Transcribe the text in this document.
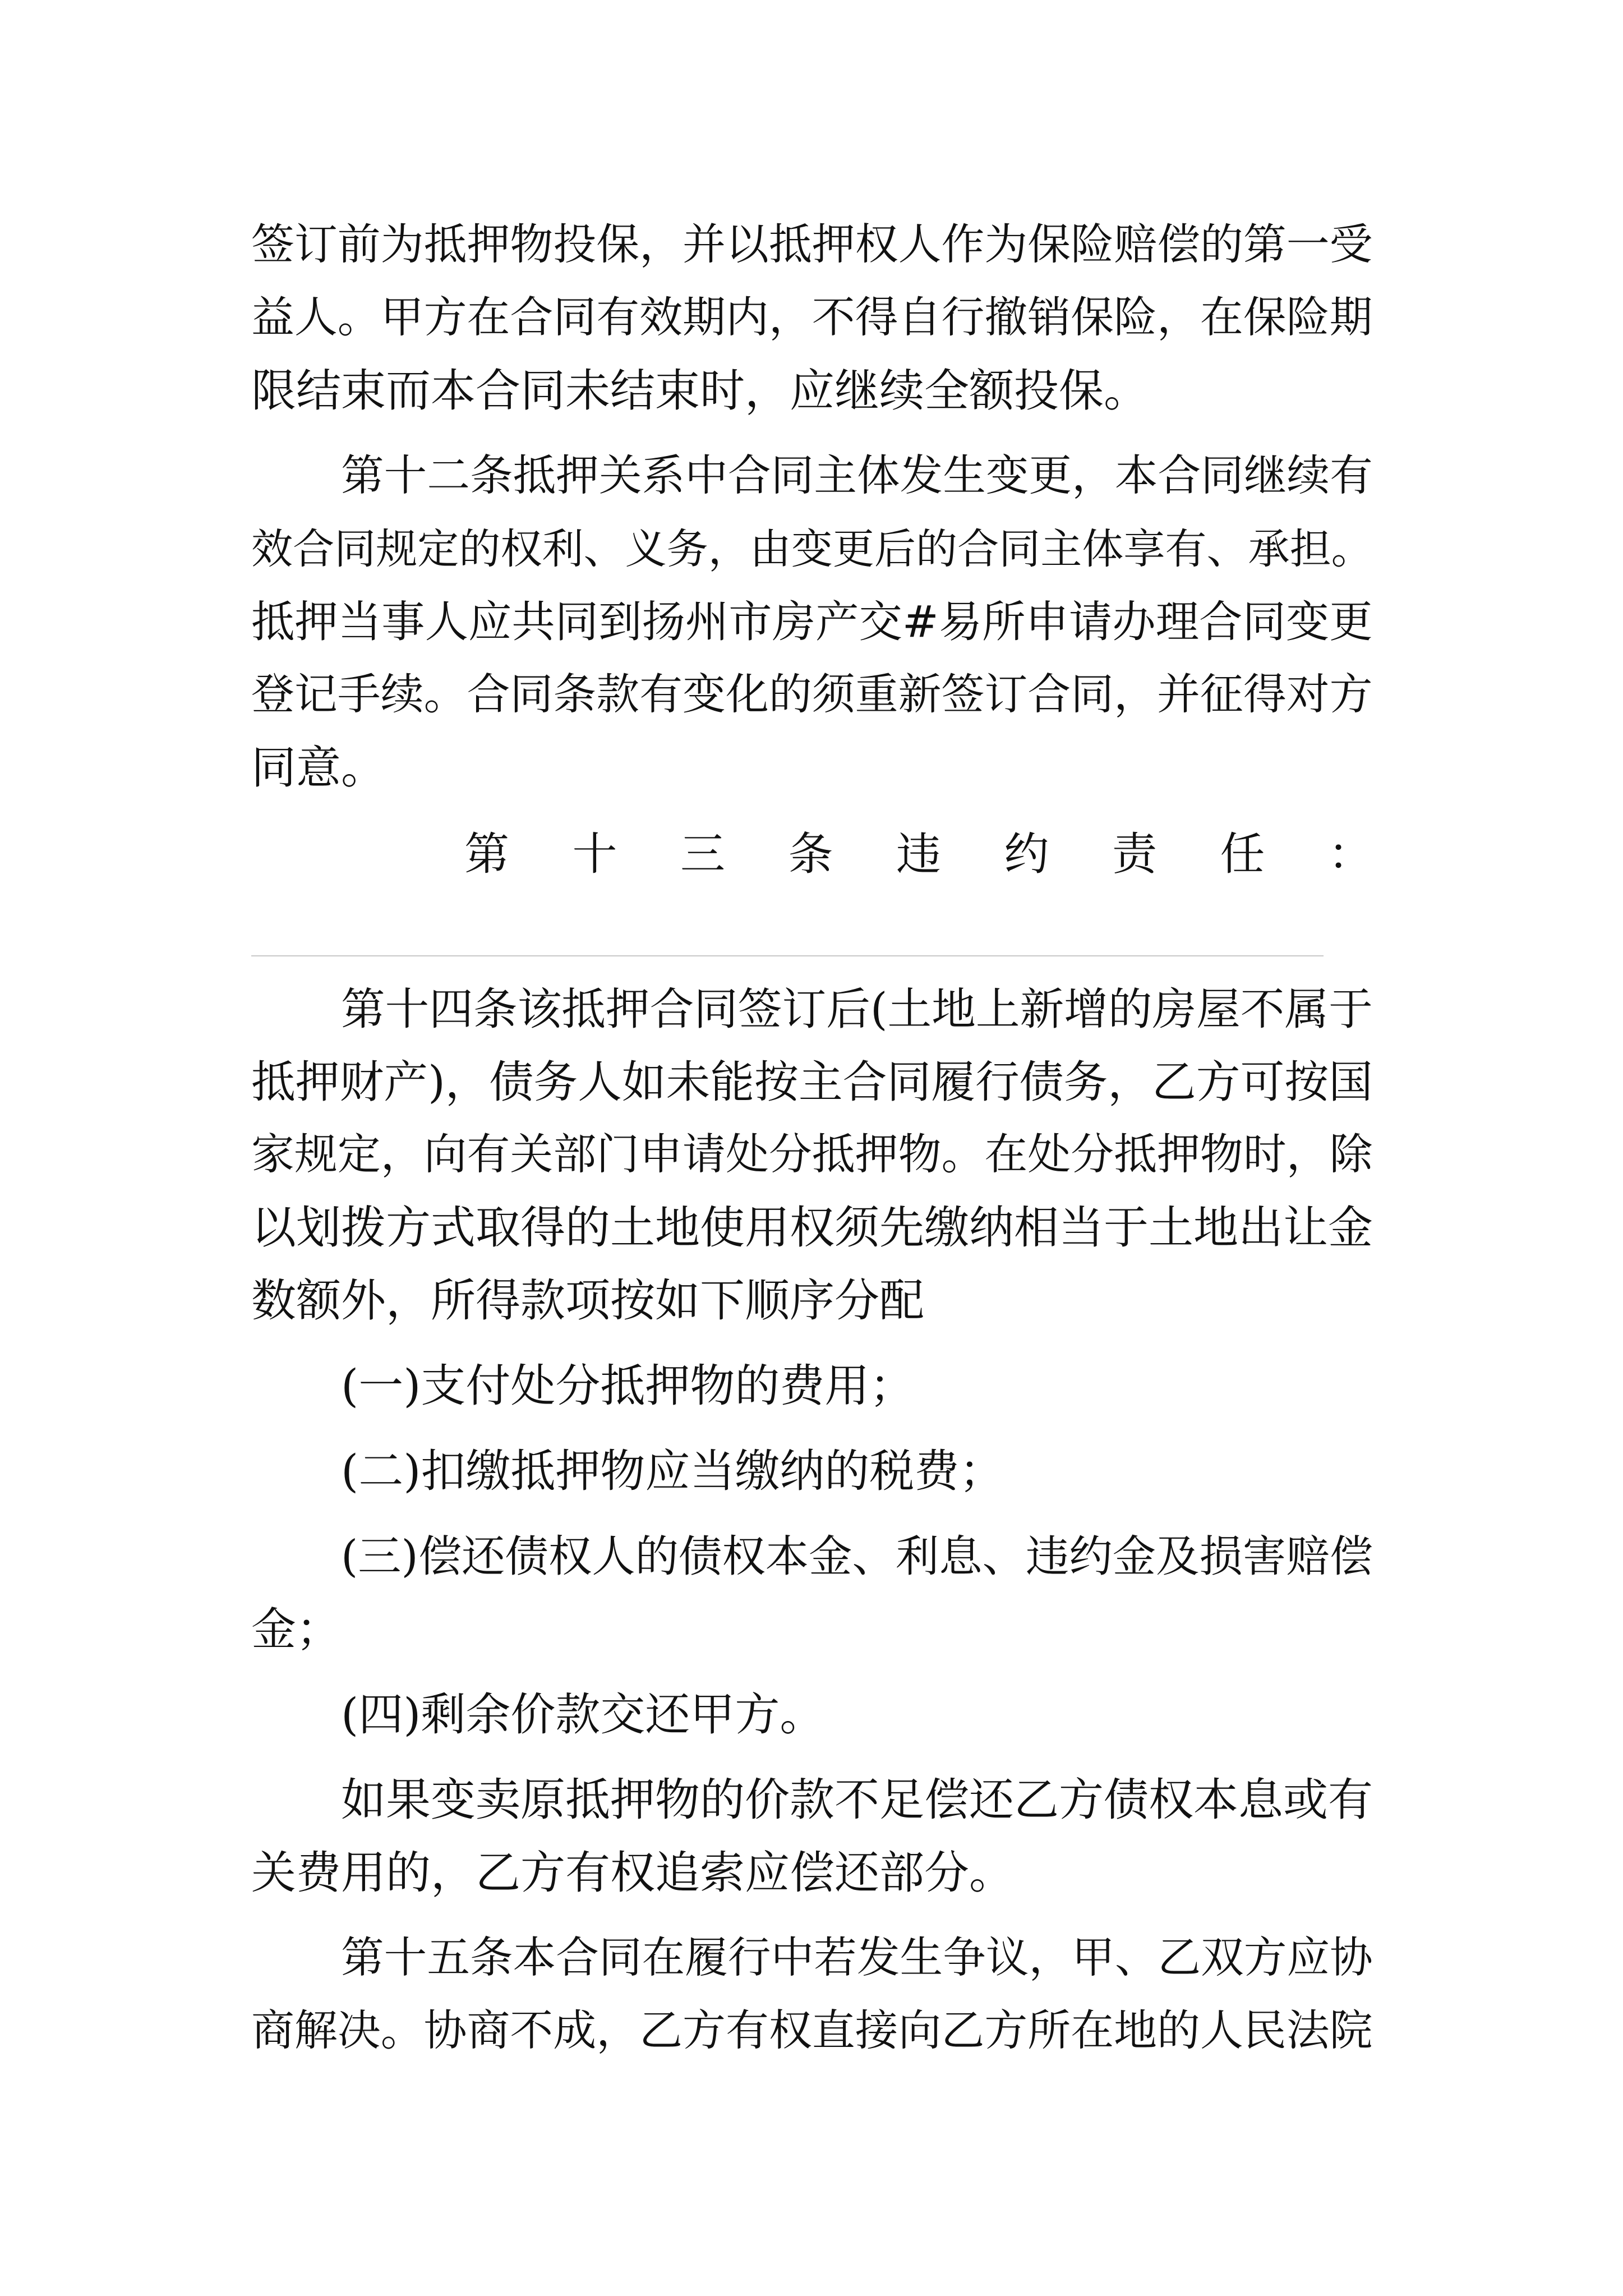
签订前为抵押物投保，并以抵押权人作为保险赔偿的第一受
益人。甲方在合同有效期内，不得自行撤销保险，在保险期
限结束而本合同未结束时，应继续全额投保。
第十二条抵押关系中合同主体发生变更，本合同继续有
效合同规定的权利、义务，由变更后的合同主体享有、承担。
抵押当事人应共同到扬州市房产交#易所申请办理合同变更
登记手续。合同条款有变化的须重新签订合同，并征得对方
同意。
第 十 三 条 违 约 责 任 ：
第十四条该抵押合同签订后(土地上新增的房屋不属于
抵押财产)，债务人如未能按主合同履行债务，乙方可按国
家规定，向有关部门申请处分抵押物。在处分抵押物时，除
以划拨方式取得的土地使用权须先缴纳相当于土地出让金
数额外，所得款项按如下顺序分配
(一)支付处分抵押物的费用；
(二)扣缴抵押物应当缴纳的税费；
(三)偿还债权人的债权本金、利息、违约金及损害赔偿
金；
(四)剩余价款交还甲方。
如果变卖原抵押物的价款不足偿还乙方债权本息或有
关费用的，乙方有权追索应偿还部分。
第十五条本合同在履行中若发生争议，甲、乙双方应协
商解决。协商不成，乙方有权直接向乙方所在地的人民法院
